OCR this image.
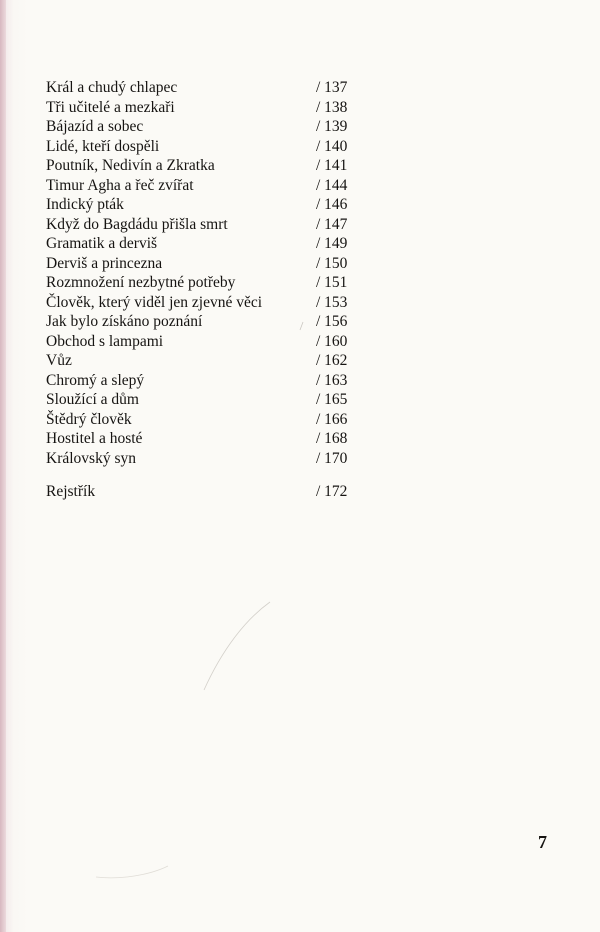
Král a chudý chlapec	/ 137
Tři učitelé a mezkaři	/ 138
Bájazíd a sobec	/ 139
Lidé, kteří dospěli	/ 140
Poutník, Nedivín a Zkratka	/ 141
Timur Agha a řeč zvířat	/ 144
Indický pták	/ 146
Když do Bagdádu přišla smrt	/ 147
Gramatik a derviš	/ 149
Derviš a princezna	/ 150
Rozmnožení nezbytné potřeby	/ 151
Člověk, který viděl jen zjevné věci	/ 153
Jak bylo získáno poznání	/ 156
Obchod s lampami	/ 160
Vůz	/ 162
Chromý a slepý	/ 163
Sloužící a dům	/ 165
Štědrý člověk	/ 166
Hostitel a hosté	/ 168
Královský syn	/ 170
Rejstřík	/ 172
7
